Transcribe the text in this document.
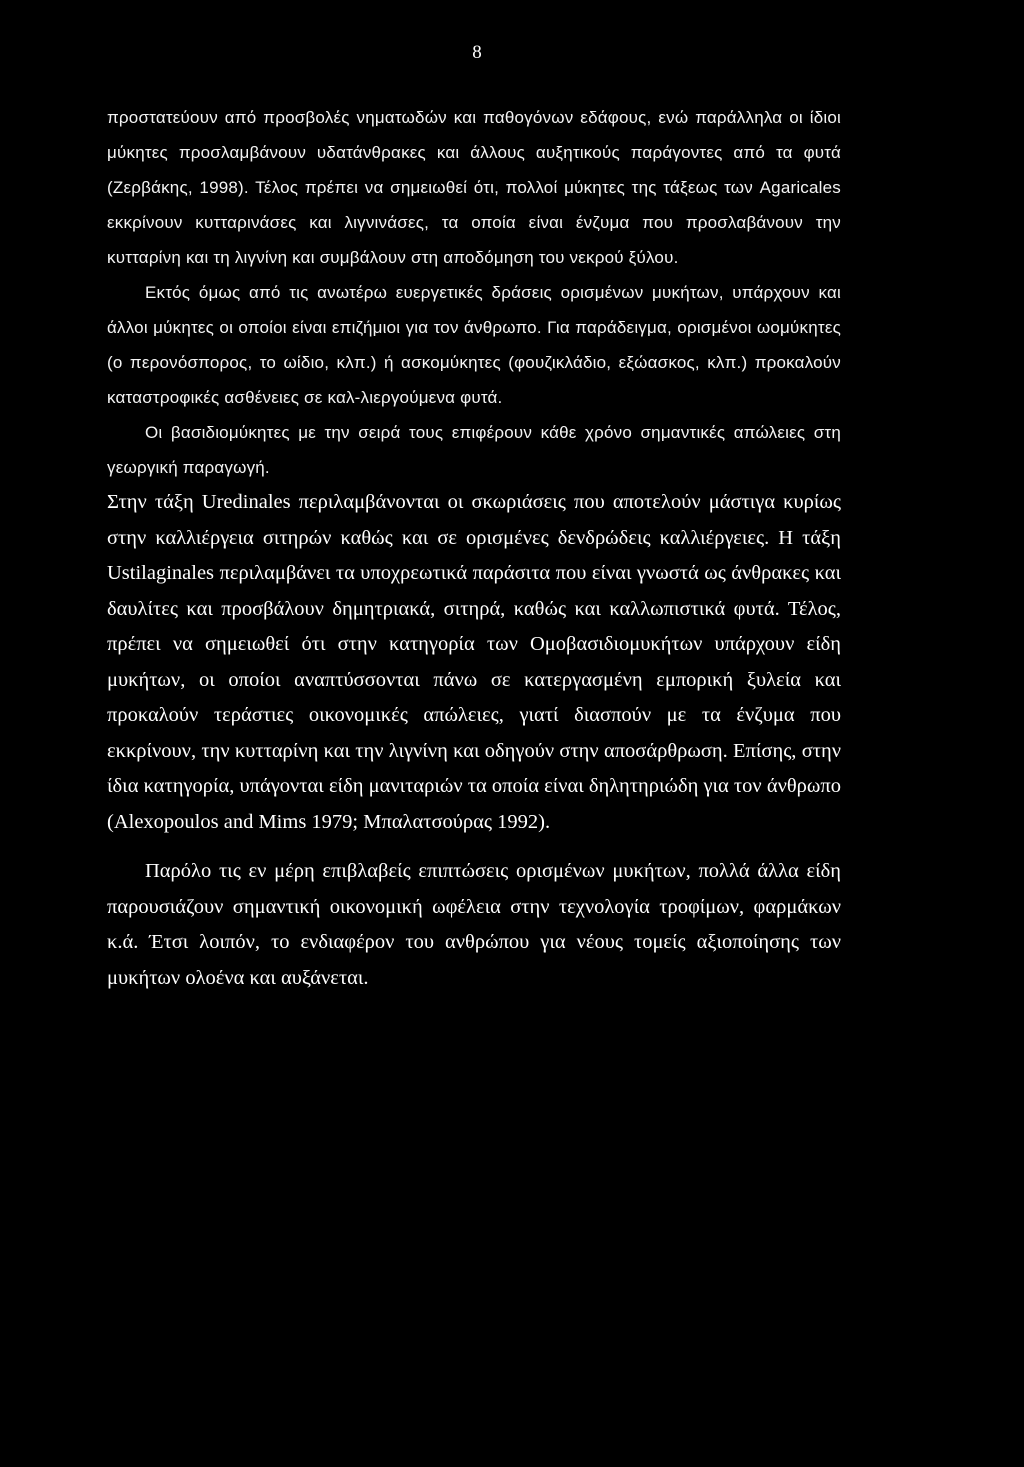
8

προστατεύουν από προσβολές νηματωδών και παθογόνων εδάφους, ενώ παράλληλα οι ίδιοι μύκητες προσλαμβάνουν υδατάνθρακες και άλλους αυξητικούς παράγοντες από τα φυτά (Ζερβάκης, 1998). Τέλος πρέπει να σημειωθεί ότι, πολλοί μύκητες της τάξεως των Agaricales εκκρίνουν κυτταρινάσες και λιγνινάσες, τα οποία είναι ένζυμα που προσλαβάνουν την κυτταρίνη και τη λιγνίνη και συμβάλουν στη αποδόμηση του νεκρού ξύλου.

Εκτός όμως από τις ανωτέρω ευεργετικές δράσεις ορισμένων μυκήτων, υπάρχουν και άλλοι μύκητες οι οποίοι είναι επιζήμιοι για τον άνθρωπο. Για παράδειγμα, ορισμένοι ωομύκητες (ο περονόσπορος, το ωίδιο, κλπ.) ή ασκομύκητες (φουζικλάδιο, εξώασκος, κλπ.) προκαλούν καταστροφικές ασθένειες σε καλ-λιεργούμενα φυτά.

Οι βασιδιομύκητες με την σειρά τους επιφέρουν κάθε χρόνο σημαντικές απώλειες στη γεωργική παραγωγή.

Στην τάξη Uredinales περιλαμβάνονται οι σκωριάσεις που αποτελούν μάστιγα κυρίως στην καλλιέργεια σιτηρών καθώς και σε ορισμένες δενδρώδεις καλλιέργειες. Η τάξη Ustilaginales περιλαμβάνει τα υποχρεωτικά παράσιτα που είναι γνωστά ως άνθρακες και δαυλίτες και προσβάλουν δημητριακά, σιτηρά, καθώς και καλλωπιστικά φυτά. Τέλος, πρέπει να σημειωθεί ότι στην κατηγορία των Ομοβασιδιομυκήτων υπάρχουν είδη μυκήτων, οι οποίοι αναπτύσσονται πάνω σε κατεργασμένη εμπορική ξυλεία και προκαλούν τεράστιες οικονομικές απώλειες, γιατί διασπούν με τα ένζυμα που εκκρίνουν, την κυτταρίνη και την λιγνίνη και οδηγούν στην αποσάρθρωση. Επίσης, στην ίδια κατηγορία, υπάγονται είδη μανιταριών τα οποία είναι δηλητηριώδη για τον άνθρωπο (Alexopoulos and Mims 1979; Μπαλατσούρας 1992).

Παρόλο τις εν μέρη επιβλαβείς επιπτώσεις ορισμένων μυκήτων, πολλά άλλα είδη παρουσιάζουν σημαντική οικονομική ωφέλεια στην τεχνολογία τροφίμων, φαρμάκων κ.ά. Έτσι λοιπόν, το ενδιαφέρον του ανθρώπου για νέους τομείς αξιοποίησης των μυκήτων ολοένα και αυξάνεται.
